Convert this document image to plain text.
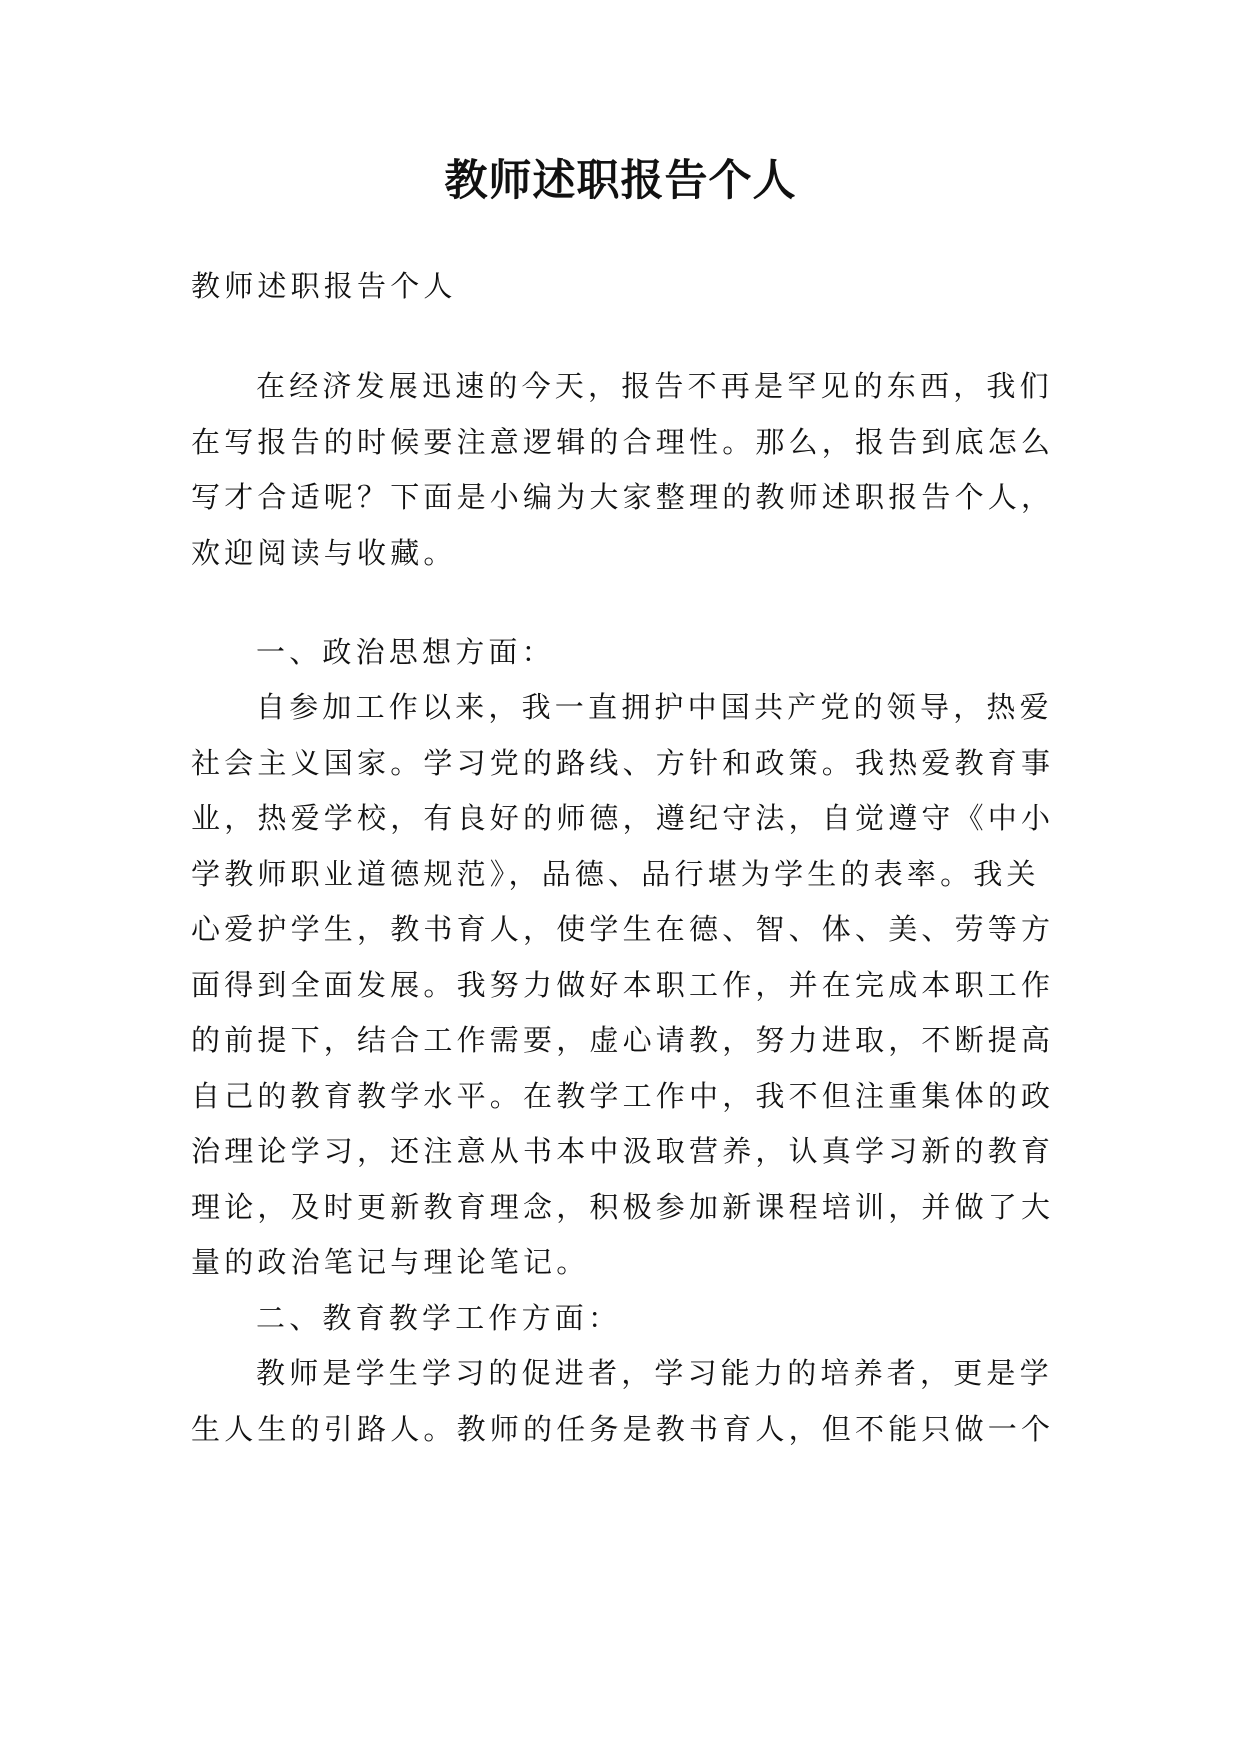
教师述职报告个人
教师述职报告个人
在经济发展迅速的今天，报告不再是罕见的东西，我们
在写报告的时候要注意逻辑的合理性。那么，报告到底怎么
写才合适呢？下面是小编为大家整理的教师述职报告个人，
欢迎阅读与收藏。
一、政治思想方面：
自参加工作以来，我一直拥护中国共产党的领导，热爱
社会主义国家。学习党的路线、方针和政策。我热爱教育事
业，热爱学校，有良好的师德，遵纪守法，自觉遵守《中小
学教师职业道德规范》，品德、品行堪为学生的表率。我关
心爱护学生，教书育人，使学生在德、智、体、美、劳等方
面得到全面发展。我努力做好本职工作，并在完成本职工作
的前提下，结合工作需要，虚心请教，努力进取，不断提高
自己的教育教学水平。在教学工作中，我不但注重集体的政
治理论学习，还注意从书本中汲取营养，认真学习新的教育
理论，及时更新教育理念，积极参加新课程培训，并做了大
量的政治笔记与理论笔记。
二、教育教学工作方面：
教师是学生学习的促进者，学习能力的培养者，更是学
生人生的引路人。教师的任务是教书育人，但不能只做一个
